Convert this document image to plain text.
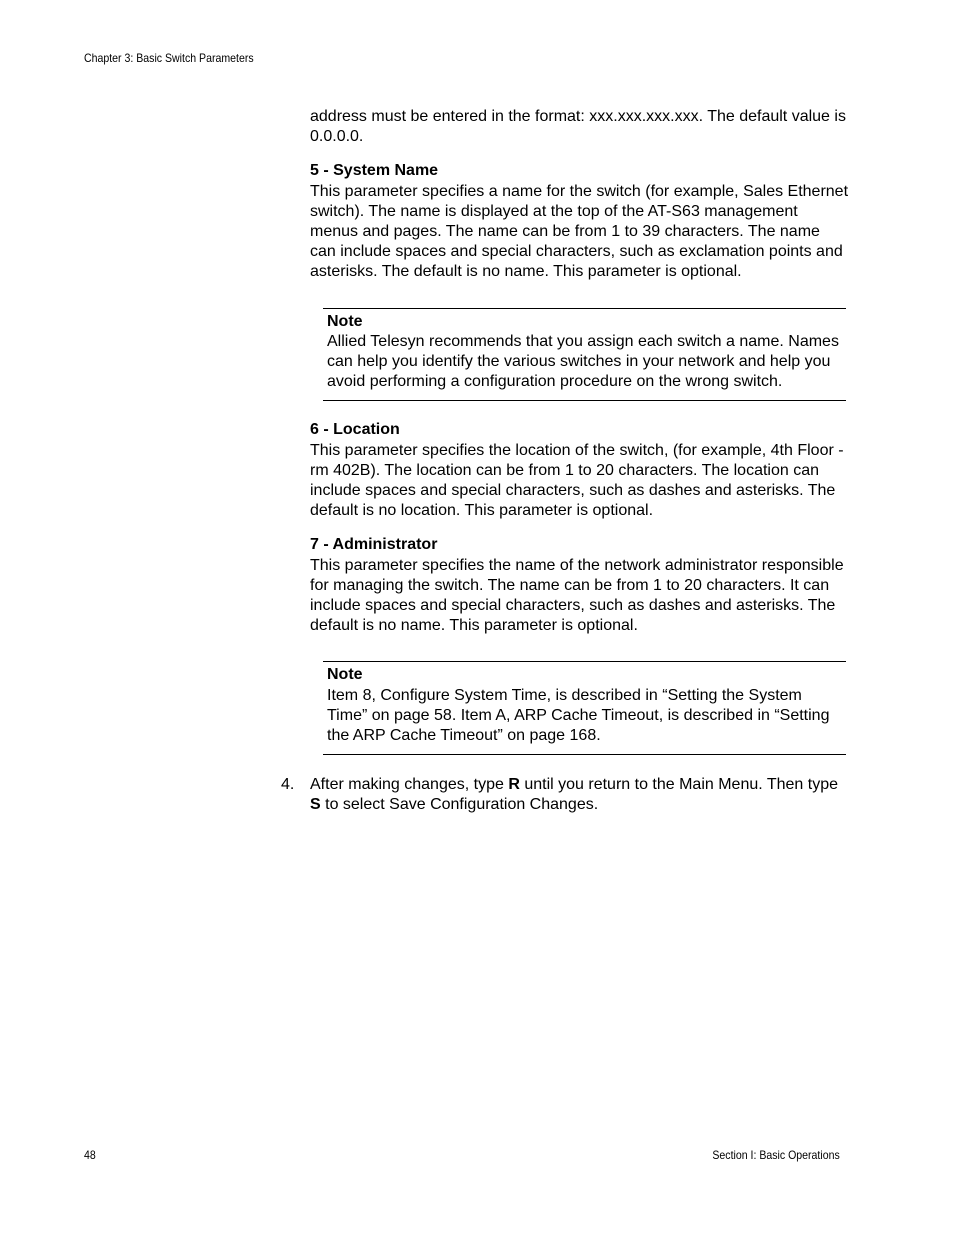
Chapter 3: Basic Switch Parameters

address must be entered in the format: xxx.xxx.xxx.xxx. The default value is 0.0.0.0.

5 - System Name

This parameter specifies a name for the switch (for example, Sales Ethernet switch). The name is displayed at the top of the AT-S63 management menus and pages. The name can be from 1 to 39 characters. The name can include spaces and special characters, such as exclamation points and asterisks. The default is no name. This parameter is optional.

Note

Allied Telesyn recommends that you assign each switch a name. Names can help you identify the various switches in your network and help you avoid performing a configuration procedure on the wrong switch.

6 - Location

This parameter specifies the location of the switch, (for example, 4th Floor - rm 402B). The location can be from 1 to 20 characters. The location can include spaces and special characters, such as dashes and asterisks. The default is no location. This parameter is optional.

7 - Administrator

This parameter specifies the name of the network administrator responsible for managing the switch. The name can be from 1 to 20 characters. It can include spaces and special characters, such as dashes and asterisks. The default is no name. This parameter is optional.

Note

Item 8, Configure System Time, is described in “Setting the System Time” on page 58. Item A, ARP Cache Timeout, is described in “Setting the ARP Cache Timeout” on page 168.

4. After making changes, type R until you return to the Main Menu. Then type S to select Save Configuration Changes.

48	Section I: Basic Operations
